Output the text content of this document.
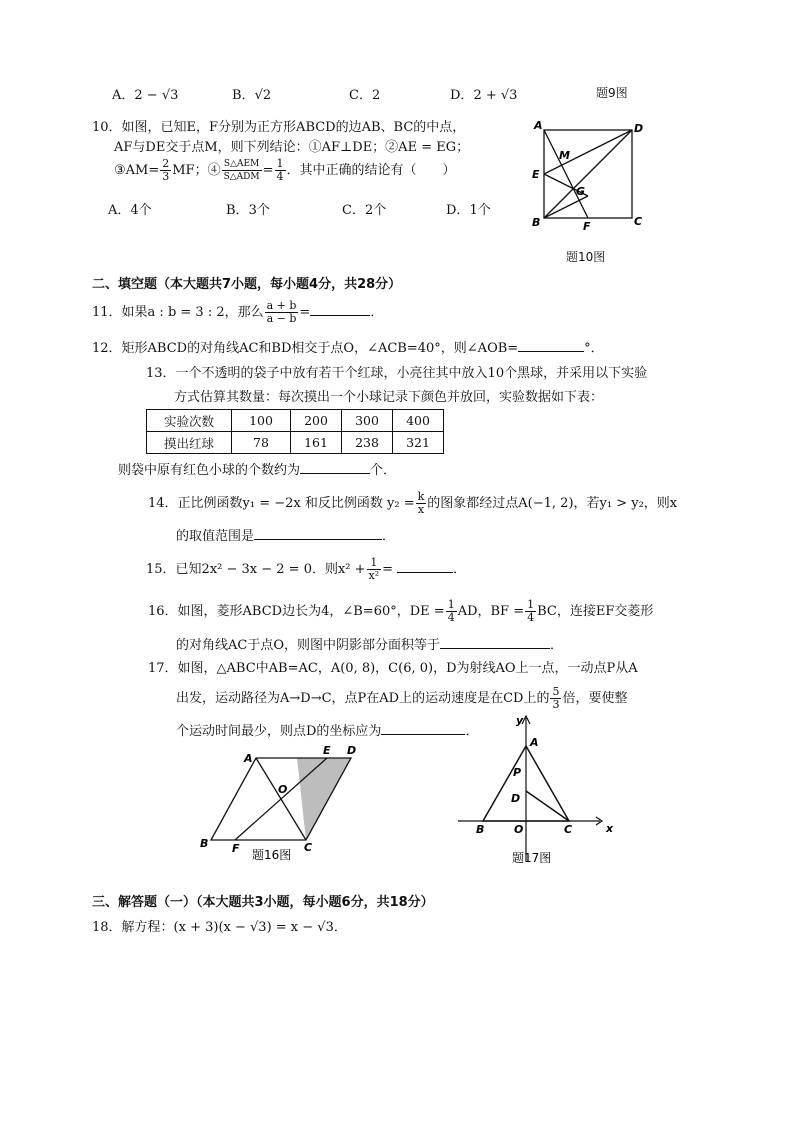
A．2 − √3	B．√2	C．2	D．2 + √3	题9图
10．如图，已知E，F分别为正方形ABCD的边AB、BC的中点，
AF与DE交于点M，则下列结论：①AF⊥DE；②AE = EG；
③AM= $\frac{2}{3}$ MF；④ $\frac{\text{S△AEM}}{\text{S△ADM}} = \frac{1}{4}$ ．其中正确的结论有（　　）
A．4个	B．3个	C．2个	D．1个
A	D
B	C
E
F
M
G
题10图
二、填空题（本大题共7小题，每小题4分，共28分）
11．如果a : b = 3 : 2，那么 $\frac{a + b}{a - b}$ =	．
12．矩形ABCD的对角线AC和BD相交于点O，∠ACB=40°，则∠AOB=	°．
13．一个不透明的袋子中放有若干个红球，小亮往其中放入10个黑球，并采用以下实验
方式估算其数量：每次摸出一个小球记录下颜色并放回，实验数据如下表：
实验次数	100	200	300	400
摸出红球	78	161	238	321
则袋中原有红色小球的个数约为	个．
14．正比例函数y₁ = −2x 和反比例函数 $y_2 = \frac{k}{x}$ 的图象都经过点A(−1, 2)，若y₁ > y₂，则x
的取值范围是	．
15．已知2x² − 3x − 2 = 0．则$x^2 + \frac{1}{\text{x²}}$ =	．
16．如图，菱形ABCD边长为4，∠B=60°，DE = $\frac{1}{4}$ AD，BF = $\frac{1}{4}$ BC，连接EF交菱形
的对角线AC于点O，则图中阴影部分面积等于	．
17．如图，△ABC中AB=AC，A(0, 8)，C(6, 0)，D为射线AO上一点，一动点P从A
出发，运动路径为A→D→C，点P在AD上的运动速度是在CD上的 $\frac{5}{3}$ 倍，要使整
个运动时间最少，则点D的坐标应为	．
A
E D
O
B F	C
题16图
y
x
A
P
D
B	O	C
题17图
三、解答题（一）（本大题共3小题，每小题6分，共18分）
18．解方程：(x + 3)(x − √3) = x − √3．
